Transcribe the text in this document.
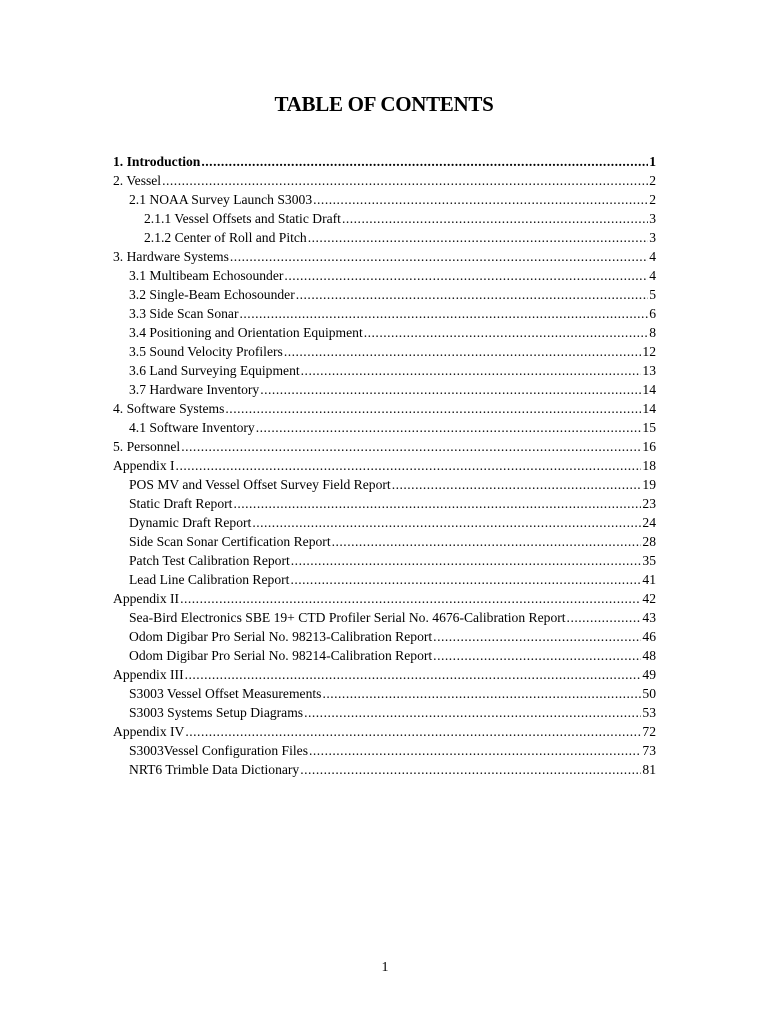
TABLE OF CONTENTS
1. Introduction .....	1
2. Vessel .....	2
2.1 NOAA Survey Launch S3003 .....	2
2.1.1 Vessel Offsets and Static Draft .....	3
2.1.2 Center of Roll and Pitch .....	3
3. Hardware Systems .....	4
3.1 Multibeam Echosounder .....	4
3.2 Single-Beam Echosounder .....	5
3.3 Side Scan Sonar .....	6
3.4 Positioning and Orientation Equipment .....	8
3.5 Sound Velocity Profilers .....	12
3.6 Land Surveying Equipment .....	13
3.7 Hardware Inventory .....	14
4. Software Systems .....	14
4.1 Software Inventory .....	15
5. Personnel .....	16
Appendix I .....	18
POS MV and Vessel Offset Survey Field Report .....	19
Static Draft Report .....	23
Dynamic Draft Report .....	24
Side Scan Sonar Certification Report .....	28
Patch Test Calibration Report .....	35
Lead Line Calibration Report .....	41
Appendix II .....	42
Sea-Bird Electronics SBE 19+ CTD Profiler Serial No. 4676-Calibration Report .....	43
Odom Digibar Pro Serial No. 98213-Calibration Report .....	46
Odom Digibar Pro Serial No. 98214-Calibration Report .....	48
Appendix III .....	49
S3003 Vessel Offset Measurements .....	50
S3003 Systems Setup Diagrams .....	53
Appendix IV .....	72
S3003Vessel Configuration Files .....	73
NRT6 Trimble Data Dictionary .....	81
1
